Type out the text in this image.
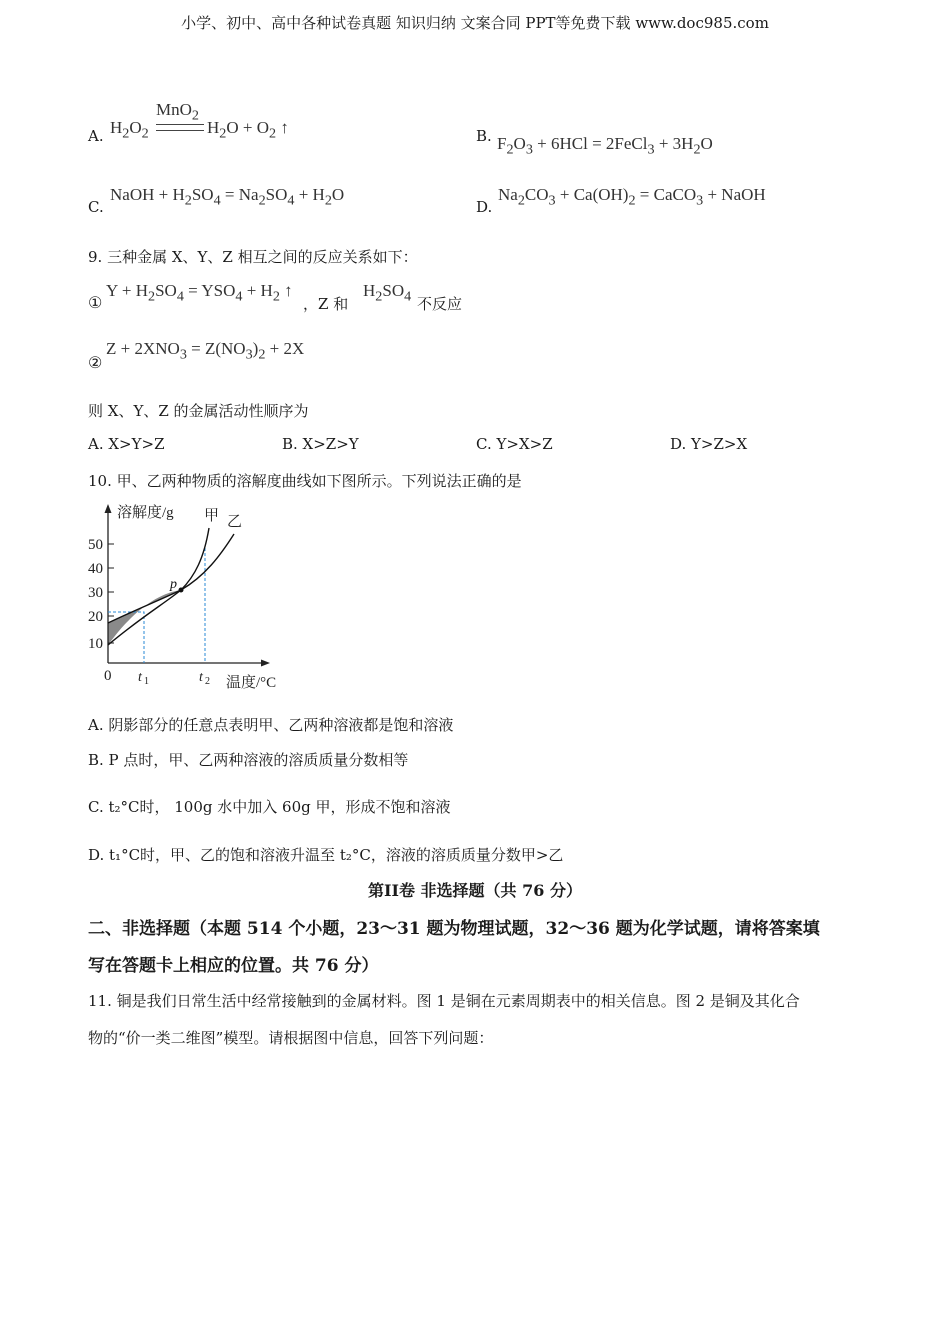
小学、初中、高中各种试卷真题 知识归纳 文案合同 PPT等免费下载 www.doc985.com
A. $H_2O_2$
MnO$_2$
$H_2O + O_2$ ↑	B. $F_2O_3 + 6HCl$ = 2FeCl$_3$ + $3H_2O$
C.
NaOH + $H_2SO_4 = Na_2SO_4 + H_2O$
D.
$Na_2CO_3 + Ca(OH)_2$ = CaCO$_3$ + NaOH
9. 三种金属 X、Y、Z 相互之间的反应关系如下：
①
$Y + H_2SO_4 = YSO_4 + H_2$ ↑
，Z 和
$H_2SO_4$ 不反应
②
$Z + 2XNO_3 = Z(NO_3)_2 + 2X$
则 X、Y、Z 的金属活动性顺序为
A. X>Y>Z	B. X>Z>Y	C. Y>X>Z	D. Y>Z>X
10. 甲、乙两种物质的溶解度曲线如下图所示。下列说法正确的是
50
40
30
20
10
p
溶解度/g 甲 乙
0 t 1	t 2 温度/°C
A. 阴影部分的任意点表明甲、乙两种溶液都是饱和溶液
B. P 点时，甲、乙两种溶液的溶质质量分数相等
C. t₂°C时， 100g 水中加入 60g 甲，形成不饱和溶液
D. t₁°C时，甲、乙的饱和溶液升温至 t₂°C，溶液的溶质质量分数甲>乙
第II卷 非选择题（共 76 分）
二、非选择题（本题 514 个小题，23～31 题为物理试题，32～36 题为化学试题，请将答案填
写在答题卡上相应的位置。共 76 分）
11. 铜是我们日常生活中经常接触到的金属材料。图 1 是铜在元素周期表中的相关信息。图 2 是铜及其化合
物的“价一类二维图”模型。请根据图中信息，回答下列问题：
